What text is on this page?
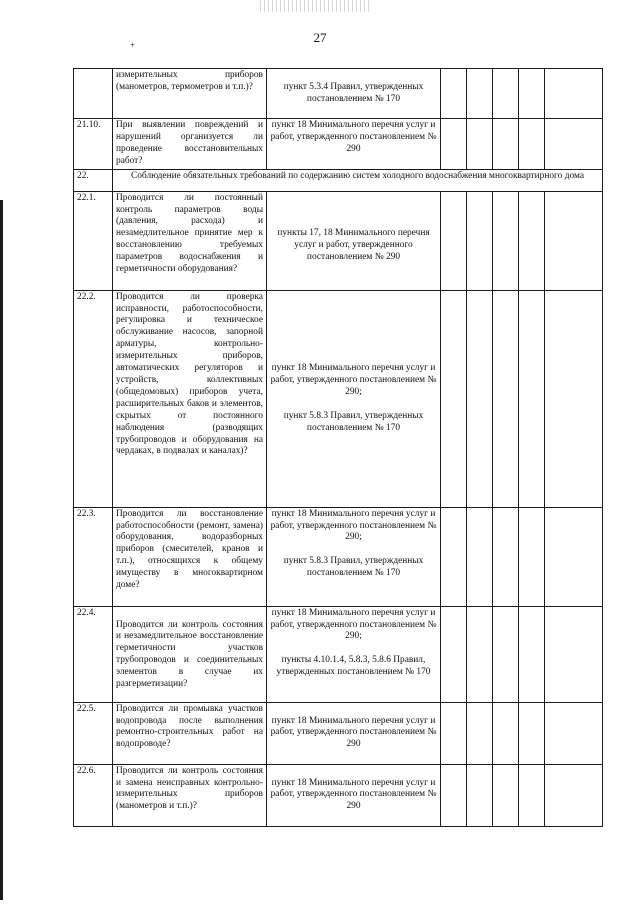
+	27

	измерительных приборов (манометров, термометров и т.п.)?	пункт 5.3.4 Правил, утвержденных постановлением № 170					
21.10.	При выявлении повреждений и нарушений организуется ли проведение восстановительных работ?	пункт 18 Минимального перечня услуг и работ, утвержденного постановлением № 290					
22.	Соблюдение обязательных требований по содержанию систем холодного водоснабжения многоквартирного дома						
22.1.	Проводится ли постоянный контроль параметров воды (давления, расхода) и незамедлительное принятие мер к восстановлению требуемых параметров водоснабжения и герметичности оборудования?	пункты 17, 18 Минимального перечня услуг и работ, утвержденного постановлением № 290					
22.2.	Проводится ли проверка исправности, работоспособности, регулировка и техническое обслуживание насосов, запорной арматуры, контрольно-измерительных приборов, автоматических регуляторов и устройств, коллективных (общедомовых) приборов учета, расширительных баков и элементов, скрытых от постоянного наблюдения (разводящих трубопроводов и оборудования на чердаках, в подвалах и каналах)?	пункт 18 Минимального перечня услуг и работ, утвержденного постановлением № 290;
пункт 5.8.3 Правил, утвержденных постановлением № 170					
22.3.	Проводится ли восстановление работоспособности (ремонт, замена) оборудования, водоразборных приборов (смесителей, кранов и т.п.), относящихся к общему имуществу в многоквартирном доме?	пункт 18 Минимального перечня услуг и работ, утвержденного постановлением № 290;
пункт 5.8.3 Правил, утвержденных постановлением № 170					
22.4.	Проводится ли контроль состояния и незамедлительное восстановление герметичности участков трубопроводов и соединительных элементов в случае их разгерметизации?	пункт 18 Минимального перечня услуг и работ, утвержденного постановлением № 290;
пункты 4.10.1.4, 5.8.3, 5.8.6 Правил, утвержденных постановлением № 170					
22.5.	Проводится ли промывка участков водопровода после выполнения ремонтно-строительных работ на водопроводе?	пункт 18 Минимального перечня услуг и работ, утвержденного постановлением № 290					
22.6.	Проводится ли контроль состояния и замена неисправных контрольно-измерительных приборов (манометров и т.п.)?	пункт 18 Минимального перечня услуг и работ, утвержденного постановлением № 290					
